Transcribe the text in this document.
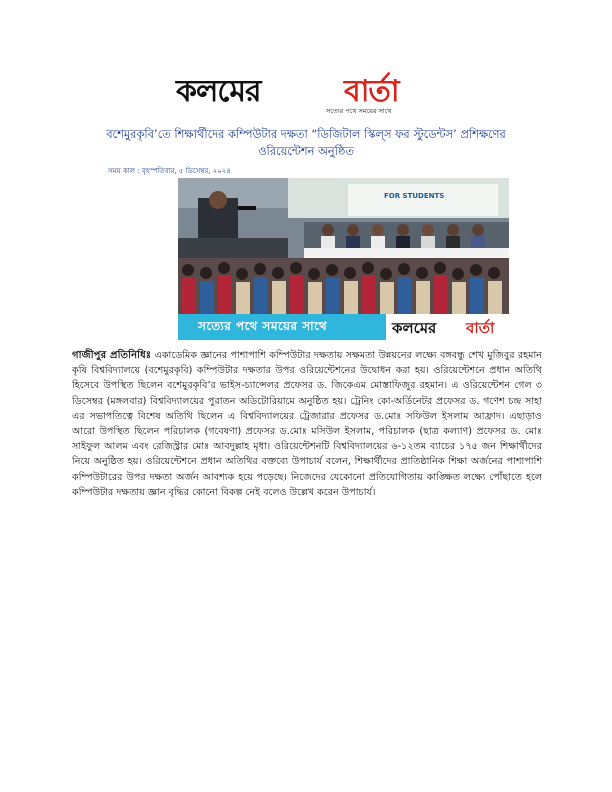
কলমের	বার্তা
সত্যের পথে সময়ের সাথে
বশেমুরকৃবি’তে শিক্ষার্থীদের কম্পিউটার দক্ষতা “ডিজিটাল স্কিল্স ফর স্টুডেন্টস’ প্রশিক্ষণের ওরিয়েন্টেশন অনুষ্ঠিত
সময় কাল : বৃহস্পতিবার, ৫ ডিসেম্বর, ২০২৪
FOR STUDENTS
সত্যের পথে সময়ের সাথে	কলমের বার্তা

গাজীপুর প্রতিনিধিঃ একাডেমিক জ্ঞানের পাশাপাশি কম্পিউটার দক্ষতায় সক্ষমতা উন্নয়নের লক্ষ্যে বঙ্গবন্ধু শেখ মুজিবুর রহমান কৃষি বিশ্ববিদ্যালয়ে (বশেমুরকৃবি) কম্পিউটার দক্ষতার উপর ওরিয়েন্টেশনের উদ্বোধন করা হয়। ওরিয়েন্টেশনে প্রধান অতিথি হিসেবে উপস্থিত ছিলেন বশেমুরকৃবি’র ভাইস-চ্যান্সেলর প্রফেসর ড. জিকেএম মোস্তাফিজুর রহমান। এ ওরিয়েন্টেশন গেল ৩ ডিসেম্বর (মঙ্গলবার) বিশ্ববিদ্যালয়ের পুরাতন অডিটোরিয়ামে অনুষ্ঠিত হয়। ট্রেনিং কো-অর্ডিনেটর প্রফেসর ড. গণেশ চন্দ্র সাহা এর সভাপতিত্বে বিশেষ অতিথি ছিলেন এ বিশ্ববিদ্যালয়ের ট্রেজারার প্রফেসর ড.মোঃ সফিউল ইসলাম আফ্রাদ। এছাড়াও আরো উপস্থিত ছিলেন পরিচালক (গবেষণা) প্রফেসর ড.মোঃ মসিউল ইসলাম, পরিচালক (ছাত্র কল্যাণ) প্রফেসর ড. মোঃ সাইফুল আলম এবং রেজিস্ট্রার মোঃ আবদুল্লাহ মৃধা। ওরিয়েন্টেশনটি বিশ্ববিদ্যালয়ের ৬-১২তম ব্যাচের ১৭৫ জন শিক্ষার্থীদের নিয়ে অনুষ্ঠিত হয়। ওরিয়েন্টেশনে প্রধান অতিথির বক্তব্যে উপাচার্য বলেন, শিক্ষার্থীদের প্রাতিষ্ঠানিক শিক্ষা অর্জনের পাশাপাশি কম্পিউটারের উপর দক্ষতা অর্জন আবশ্যক হয়ে পড়েছে। নিজেদের যেকোনো প্রতিযোগিতায় কাঙ্ক্ষিত লক্ষ্যে পোঁছাতে হলে কম্পিউটার দক্ষতায় জ্ঞান বৃদ্ধির কোনো বিকল্প নেই বলেও উল্লেখ করেন উপাচার্য।
